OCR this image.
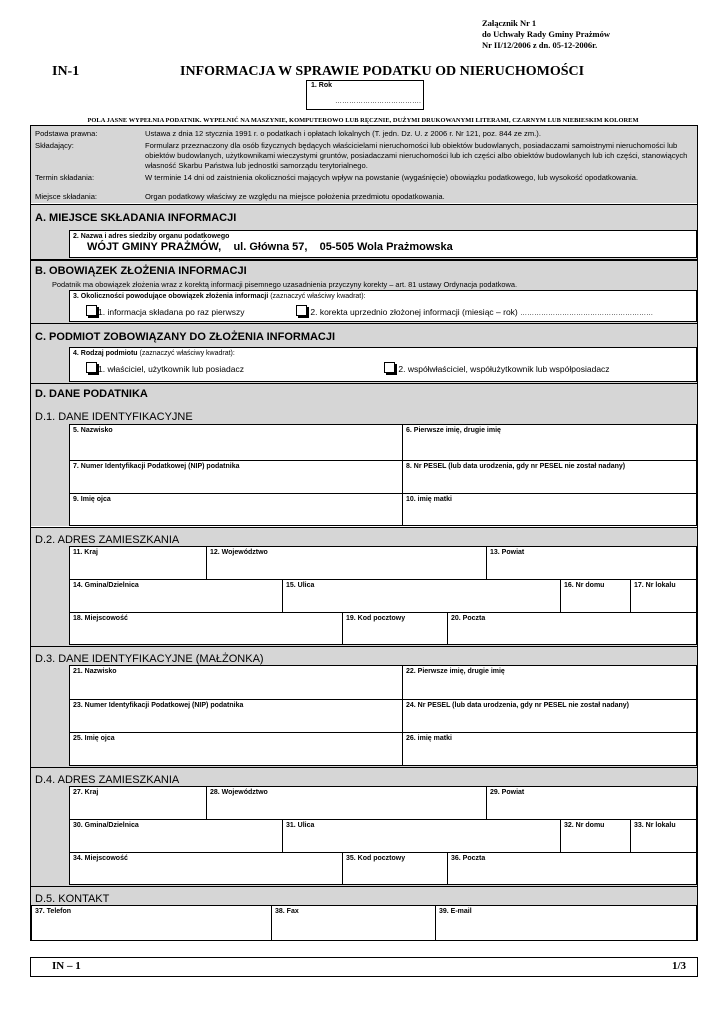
Załącznik Nr 1
do Uchwały Rady Gminy Prażmów
Nr II/12/2006 z dn. 05-12-2006r.
IN-1	INFORMACJA W SPRAWIE PODATKU OD NIERUCHOMOŚCI
1. Rok
……………………………….
POLA JASNE WYPEŁNIA PODATNIK. WYPEŁNIĆ NA MASZYNIE, KOMPUTEROWO LUB RĘCZNIE, DUŻYMI DRUKOWANYMI LITERAMI, CZARNYM LUB NIEBIESKIM KOLOREM
Podstawa prawna:	Ustawa z dnia 12 stycznia 1991 r. o podatkach i opłatach lokalnych (T. jedn. Dz. U. z 2006 r. Nr 121, poz. 844 ze zm.).
Składający:	Formularz przeznaczony dla osób fizycznych będących właścicielami nieruchomości lub obiektów budowlanych, posiadaczami samoistnymi nieruchomości lub obiektów budowlanych, użytkownikami wieczystymi gruntów, posiadaczami nieruchomości lub ich części albo obiektów budowlanych lub ich części, stanowiących własność Skarbu Państwa lub jednostki samorządu terytorialnego.
Termin składania:	W terminie 14 dni od zaistnienia okoliczności mających wpływ na powstanie (wygaśnięcie) obowiązku podatkowego, lub wysokość opodatkowania.
Miejsce składania:	Organ podatkowy właściwy ze względu na miejsce położenia przedmiotu opodatkowania.
A. MIEJSCE SKŁADANIA INFORMACJI
2. Nazwa i adres siedziby organu podatkowego
WÓJT GMINY PRAŻMÓW,    ul. Główna 57,    05-505 Wola Prażmowska
B. OBOWIĄZEK ZŁOŻENIA INFORMACJI
Podatnik ma obowiązek złożenia wraz z korektą informacji pisemnego uzasadnienia przyczyny korekty – art. 81 ustawy Ordynacja podatkowa.
3. Okoliczności powodujące obowiązek złożenia informacji (zaznaczyć właściwy kwadrat):
1. informacja składana po raz pierwszy	2. korekta uprzednio złożonej informacji (miesiąc – rok) …………………………………………………
C. PODMIOT ZOBOWIĄZANY DO ZŁOŻENIA INFORMACJI
4. Rodzaj podmiotu (zaznaczyć właściwy kwadrat):
1. właściciel, użytkownik lub posiadacz	2. współwłaściciel, współużytkownik lub współposiadacz
D. DANE PODATNIKA
D.1. DANE IDENTYFIKACYJNE
5. Nazwisko	6. Pierwsze imię, drugie imię
7. Numer Identyfikacji Podatkowej (NIP) podatnika	8. Nr PESEL (lub data urodzenia, gdy nr PESEL nie został nadany)
9. Imię ojca	10. imię matki
D.2. ADRES ZAMIESZKANIA
11. Kraj	12. Województwo	13. Powiat
14. Gmina/Dzielnica	15. Ulica	16. Nr domu	17. Nr lokalu
18. Miejscowość	19. Kod pocztowy	20. Poczta
D.3. DANE IDENTYFIKACYJNE (MAŁŻONKA)
21. Nazwisko	22. Pierwsze imię, drugie imię
23. Numer Identyfikacji Podatkowej (NIP) podatnika	24. Nr PESEL (lub data urodzenia, gdy nr PESEL nie został nadany)
25. Imię ojca	26. imię matki
D.4. ADRES ZAMIESZKANIA
27. Kraj	28. Województwo	29. Powiat
30. Gmina/Dzielnica	31. Ulica	32. Nr domu	33. Nr lokalu
34. Miejscowość	35. Kod pocztowy	36. Poczta
D.5. KONTAKT
37. Telefon	38. Fax	39. E-mail
IN – 1	1/3
